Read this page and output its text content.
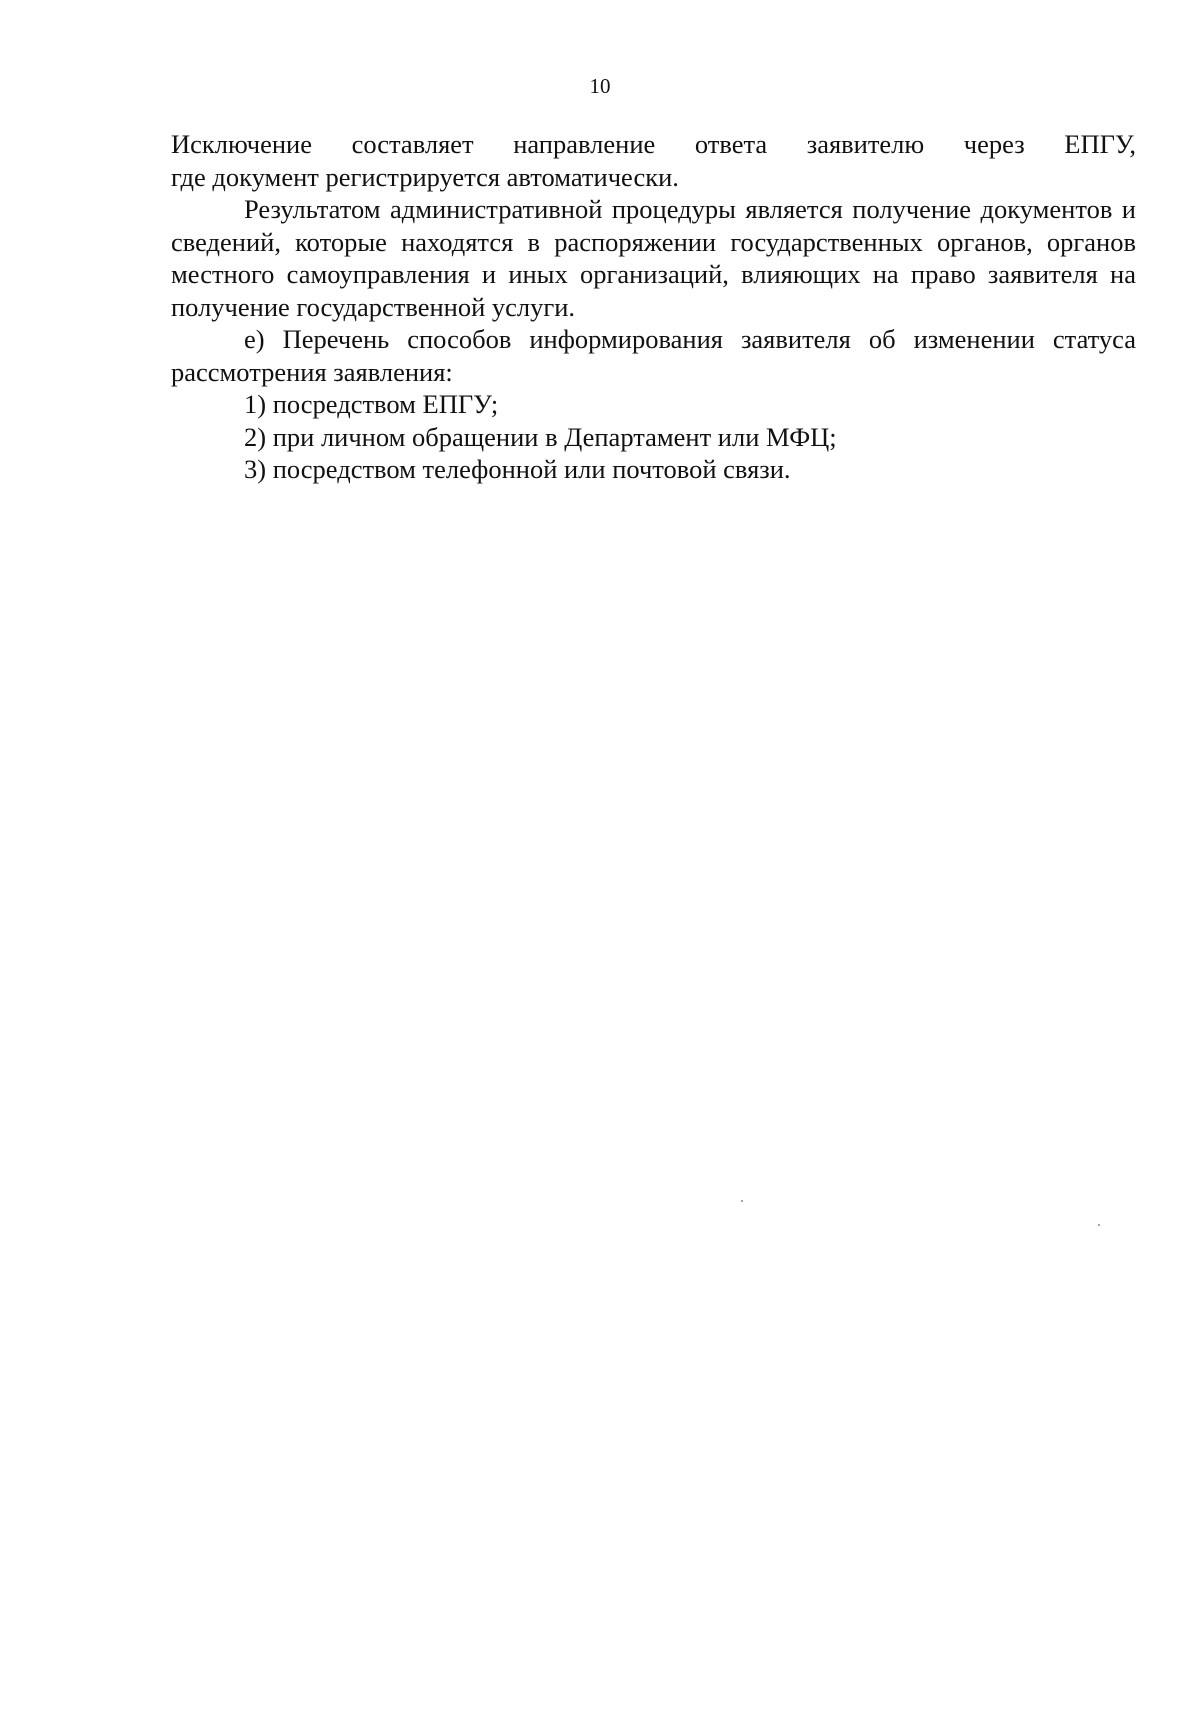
10

Исключение составляет направление ответа заявителю через ЕПГУ,
где документ регистрируется автоматически.

Результатом административной процедуры является получение документов и сведений, которые находятся в распоряжении государственных органов, органов местного самоуправления и иных организаций, влияющих на право заявителя на получение государственной услуги.

е) Перечень способов информирования заявителя об изменении статуса рассмотрения заявления:

1) посредством ЕПГУ;

2) при личном обращении в Департамент или МФЦ;

3) посредством телефонной или почтовой связи.
